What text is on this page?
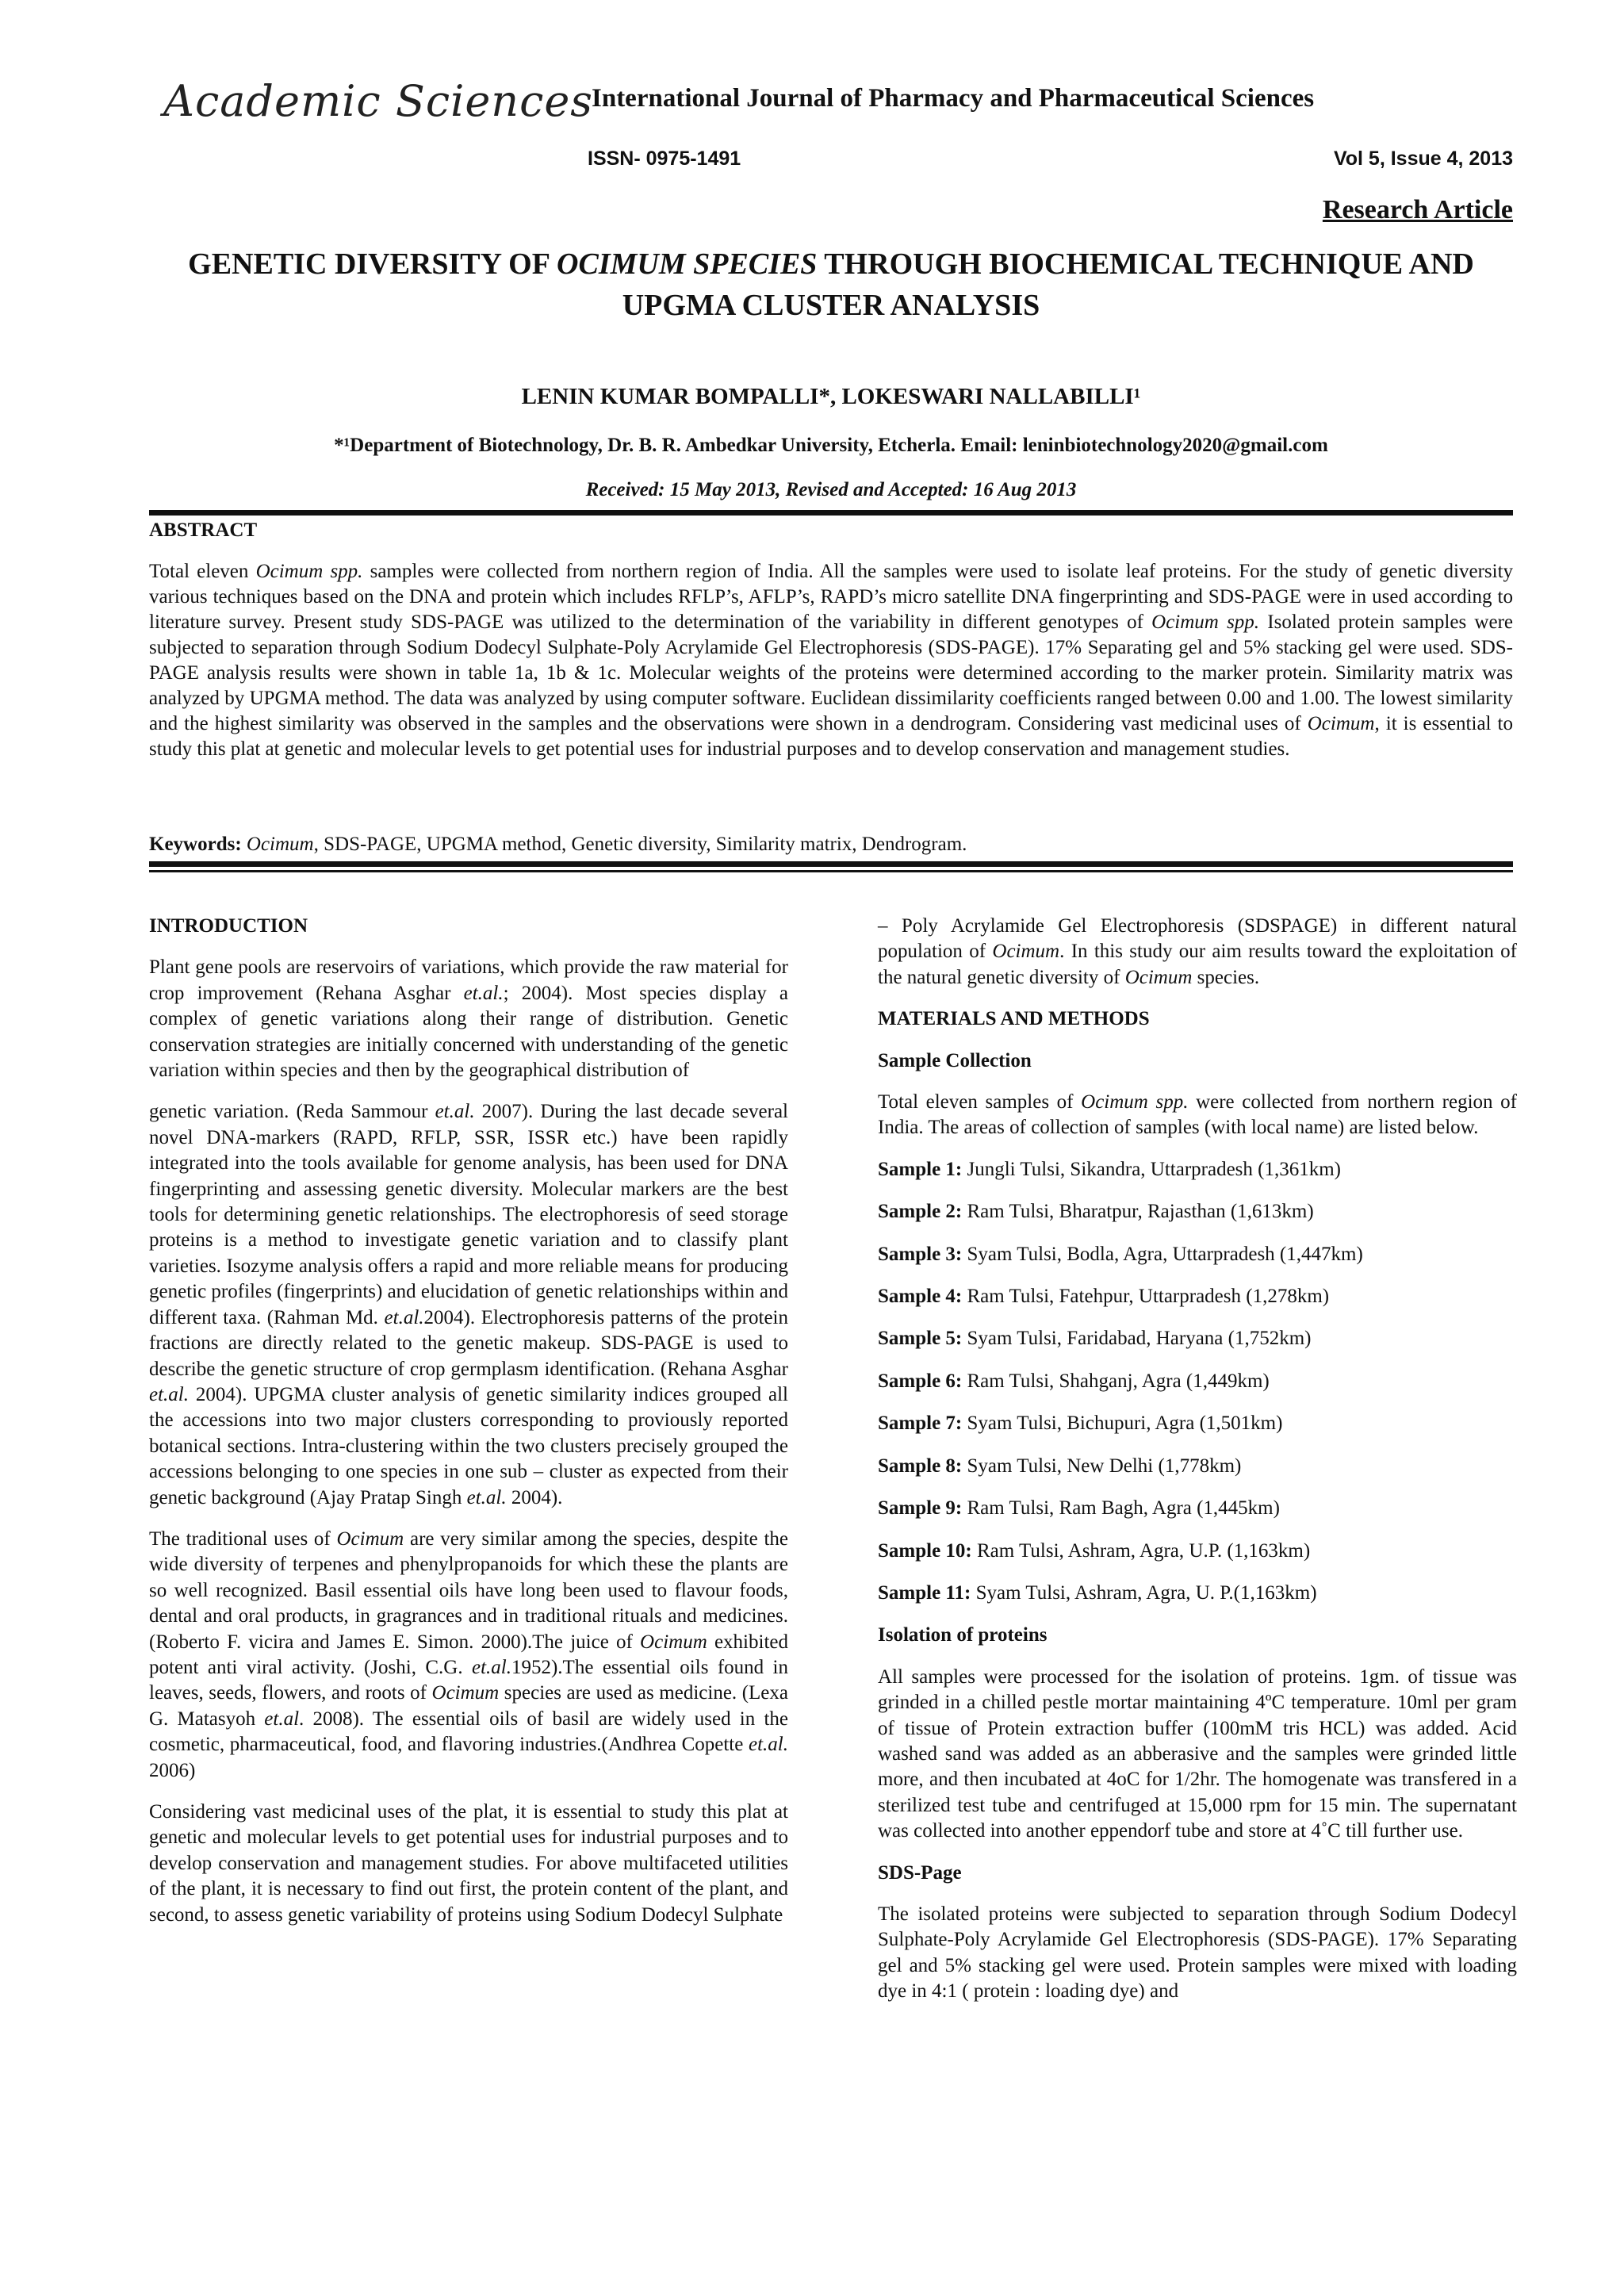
Academic Sciences
International Journal of Pharmacy and Pharmaceutical Sciences
ISSN- 0975-1491	Vol 5, Issue 4, 2013
Research Article
GENETIC DIVERSITY OF OCIMUM SPECIES THROUGH BIOCHEMICAL TECHNIQUE AND UPGMA CLUSTER ANALYSIS
LENIN KUMAR BOMPALLI*, LOKESWARI NALLABILLI¹
*¹Department of Biotechnology, Dr. B. R. Ambedkar University, Etcherla. Email: leninbiotechnology2020@gmail.com
Received: 15 May 2013, Revised and Accepted: 16 Aug 2013
ABSTRACT
Total eleven Ocimum spp. samples were collected from northern region of India. All the samples were used to isolate leaf proteins. For the study of genetic diversity various techniques based on the DNA and protein which includes RFLP’s, AFLP’s, RAPD’s micro satellite DNA fingerprinting and SDS-PAGE were in used according to literature survey. Present study SDS-PAGE was utilized to the determination of the variability in different genotypes of Ocimum spp. Isolated protein samples were subjected to separation through Sodium Dodecyl Sulphate-Poly Acrylamide Gel Electrophoresis (SDS-PAGE). 17% Separating gel and 5% stacking gel were used. SDS-PAGE analysis results were shown in table 1a, 1b & 1c. Molecular weights of the proteins were determined according to the marker protein. Similarity matrix was analyzed by UPGMA method. The data was analyzed by using computer software. Euclidean dissimilarity coefficients ranged between 0.00 and 1.00. The lowest similarity and the highest similarity was observed in the samples and the observations were shown in a dendrogram. Considering vast medicinal uses of Ocimum, it is essential to study this plat at genetic and molecular levels to get potential uses for industrial purposes and to develop conservation and management studies.
Keywords: Ocimum, SDS-PAGE, UPGMA method, Genetic diversity, Similarity matrix, Dendrogram.
INTRODUCTION

Plant gene pools are reservoirs of variations, which provide the raw material for crop improvement (Rehana Asghar et.al.; 2004). Most species display a complex of genetic variations along their range of distribution. Genetic conservation strategies are initially concerned with understanding of the genetic variation within species and then by the geographical distribution of

genetic variation. (Reda Sammour et.al. 2007). During the last decade several novel DNA-markers (RAPD, RFLP, SSR, ISSR etc.) have been rapidly integrated into the tools available for genome analysis, has been used for DNA fingerprinting and assessing genetic diversity. Molecular markers are the best tools for determining genetic relationships. The electrophoresis of seed storage proteins is a method to investigate genetic variation and to classify plant varieties. Isozyme analysis offers a rapid and more reliable means for producing genetic profiles (fingerprints) and elucidation of genetic relationships within and different taxa. (Rahman Md. et.al.2004). Electrophoresis patterns of the protein fractions are directly related to the genetic makeup. SDS-PAGE is used to describe the genetic structure of crop germplasm identification. (Rehana Asghar et.al. 2004). UPGMA cluster analysis of genetic similarity indices grouped all the accessions into two major clusters corresponding to proviously reported botanical sections. Intra-clustering within the two clusters precisely grouped the accessions belonging to one species in one sub – cluster as expected from their genetic background (Ajay Pratap Singh et.al. 2004).

The traditional uses of Ocimum are very similar among the species, despite the wide diversity of terpenes and phenylpropanoids for which these the plants are so well recognized. Basil essential oils have long been used to flavour foods, dental and oral products, in gragrances and in traditional rituals and medicines. (Roberto F. vicira and James E. Simon. 2000).The juice of Ocimum exhibited potent anti viral activity. (Joshi, C.G. et.al.1952).The essential oils found in leaves, seeds, flowers, and roots of Ocimum species are used as medicine. (Lexa G. Matasyoh et.al. 2008). The essential oils of basil are widely used in the cosmetic, pharmaceutical, food, and flavoring industries.(Andhrea Copette et.al. 2006)

Considering vast medicinal uses of the plat, it is essential to study this plat at genetic and molecular levels to get potential uses for industrial purposes and to develop conservation and management studies. For above multifaceted utilities of the plant, it is necessary to find out first, the protein content of the plant, and second, to assess genetic variability of proteins using Sodium Dodecyl Sulphate

– Poly Acrylamide Gel Electrophoresis (SDSPAGE) in different natural population of Ocimum. In this study our aim results toward the exploitation of the natural genetic diversity of Ocimum species.

MATERIALS AND METHODS
Sample Collection

Total eleven samples of Ocimum spp. were collected from northern region of India. The areas of collection of samples (with local name) are listed below.

Sample 1: Jungli Tulsi, Sikandra, Uttarpradesh (1,361km)
Sample 2: Ram Tulsi, Bharatpur, Rajasthan (1,613km)
Sample 3: Syam Tulsi, Bodla, Agra, Uttarpradesh (1,447km)
Sample 4: Ram Tulsi, Fatehpur, Uttarpradesh (1,278km)
Sample 5: Syam Tulsi, Faridabad, Haryana (1,752km)
Sample 6: Ram Tulsi, Shahganj, Agra (1,449km)
Sample 7: Syam Tulsi, Bichupuri, Agra (1,501km)
Sample 8: Syam Tulsi, New Delhi (1,778km)
Sample 9: Ram Tulsi, Ram Bagh, Agra (1,445km)
Sample 10: Ram Tulsi, Ashram, Agra, U.P. (1,163km)
Sample 11: Syam Tulsi, Ashram, Agra, U. P.(1,163km)
Isolation of proteins

All samples were processed for the isolation of proteins. 1gm. of tissue was grinded in a chilled pestle mortar maintaining 4ºC temperature. 10ml per gram of tissue of Protein extraction buffer (100mM tris HCL) was added. Acid washed sand was added as an abberasive and the samples were grinded little more, and then incubated at 4oC for 1/2hr. The homogenate was transfered in a sterilized test tube and centrifuged at 15,000 rpm for 15 min. The supernatant was collected into another eppendorf tube and store at 4˚C till further use.

SDS-Page

The isolated proteins were subjected to separation through Sodium Dodecyl Sulphate-Poly Acrylamide Gel Electrophoresis (SDS-PAGE). 17% Separating gel and 5% stacking gel were used. Protein samples were mixed with loading dye in 4:1 ( protein : loading dye) and
